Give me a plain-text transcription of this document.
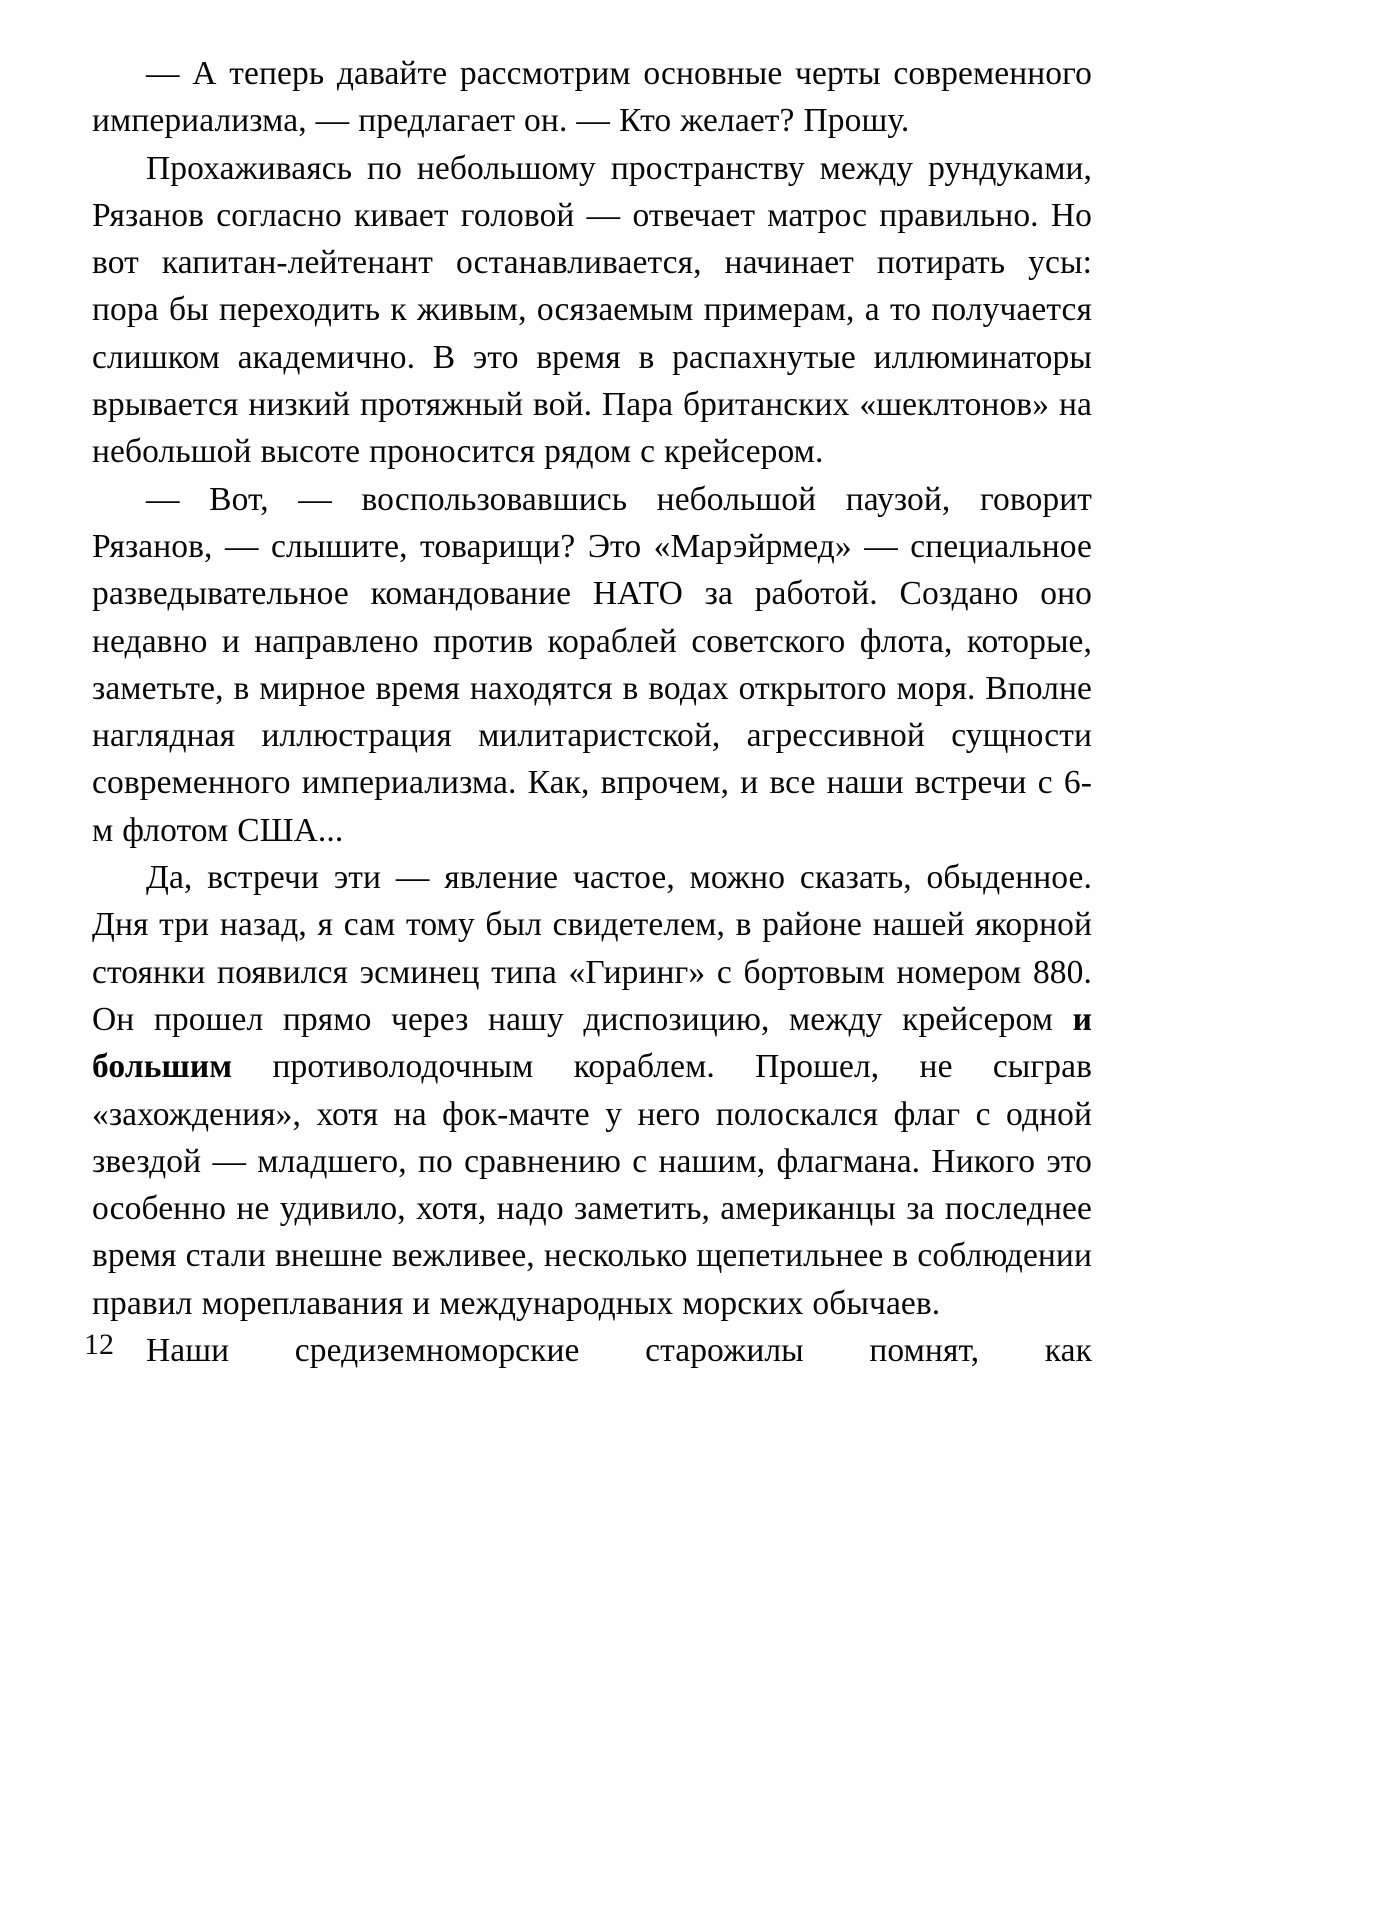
— А теперь давайте рассмотрим основные черты современного империализма, — предлагает он. — Кто желает? Прошу.

Прохаживаясь по небольшому пространству между рундуками, Рязанов согласно кивает головой — отвечает матрос правильно. Но вот капитан-лейтенант останавливается, начинает потирать усы: пора бы переходить к живым, осязаемым примерам, а то получается слишком академично. В это время в распахнутые иллюминаторы врывается низкий протяжный вой. Пара британских «шеклтонов» на небольшой высоте проносится рядом с крейсером.

— Вот, — воспользовавшись небольшой паузой, говорит Рязанов, — слышите, товарищи? Это «Марэйрмед» — специальное разведывательное командование НАТО за работой. Создано оно недавно и направлено против кораблей советского флота, которые, заметьте, в мирное время находятся в водах открытого моря. Вполне наглядная иллюстрация милитаристской, агрессивной сущности современного империализма. Как, впрочем, и все наши встречи с 6-м флотом США...

Да, встречи эти — явление частое, можно сказать, обыденное. Дня три назад, я сам тому был свидетелем, в районе нашей якорной стоянки появился эсминец типа «Гиринг» с бортовым номером 880. Он прошел прямо через нашу диспозицию, между крейсером и большим противолодочным кораблем. Прошел, не сыграв «захождения», хотя на фок-мачте у него полоскался флаг с одной звездой — младшего, по сравнению с нашим, флагмана. Никого это особенно не удивило, хотя, надо заметить, американцы за последнее время стали внешне вежливее, несколько щепетильнее в соблюдении правил мореплавания и международных морских обычаев.

Наши средиземноморские старожилы помнят, как

12
